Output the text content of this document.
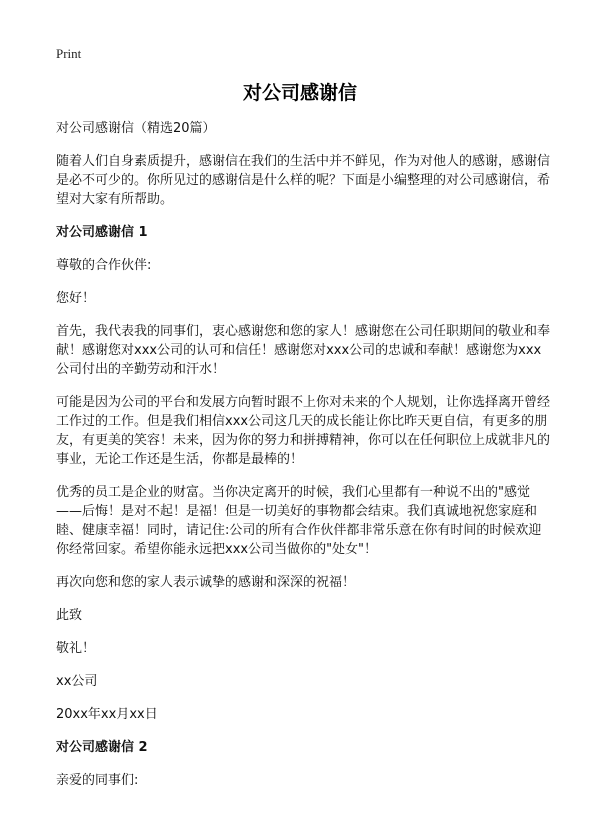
Print
对公司感谢信

对公司感谢信（精选20篇）

随着人们自身素质提升，感谢信在我们的生活中并不鲜见，作为对他人的感谢，感谢信是必不可少的。你所见过的感谢信是什么样的呢？下面是小编整理的对公司感谢信，希望对大家有所帮助。

对公司感谢信 1

尊敬的合作伙伴:

您好！

首先，我代表我的同事们，衷心感谢您和您的家人！感谢您在公司任职期间的敬业和奉献！感谢您对xxx公司的认可和信任！感谢您对xxx公司的忠诚和奉献！感谢您为xxx公司付出的辛勤劳动和汗水！

可能是因为公司的平台和发展方向暂时跟不上你对未来的个人规划，让你选择离开曾经工作过的工作。但是我们相信xxx公司这几天的成长能让你比昨天更自信，有更多的朋友，有更美的笑容！未来，因为你的努力和拼搏精神，你可以在任何职位上成就非凡的事业，无论工作还是生活，你都是最棒的！

优秀的员工是企业的财富。当你决定离开的时候，我们心里都有一种说不出的"感觉——后悔！是对不起！是福！但是一切美好的事物都会结束。我们真诚地祝您家庭和睦、健康幸福！同时，请记住:公司的所有合作伙伴都非常乐意在你有时间的时候欢迎你经常回家。希望你能永远把xxx公司当做你的"处女"！

再次向您和您的家人表示诚挚的感谢和深深的祝福！

此致

敬礼！

xx公司

20xx年xx月xx日

对公司感谢信 2

亲爱的同事们:
